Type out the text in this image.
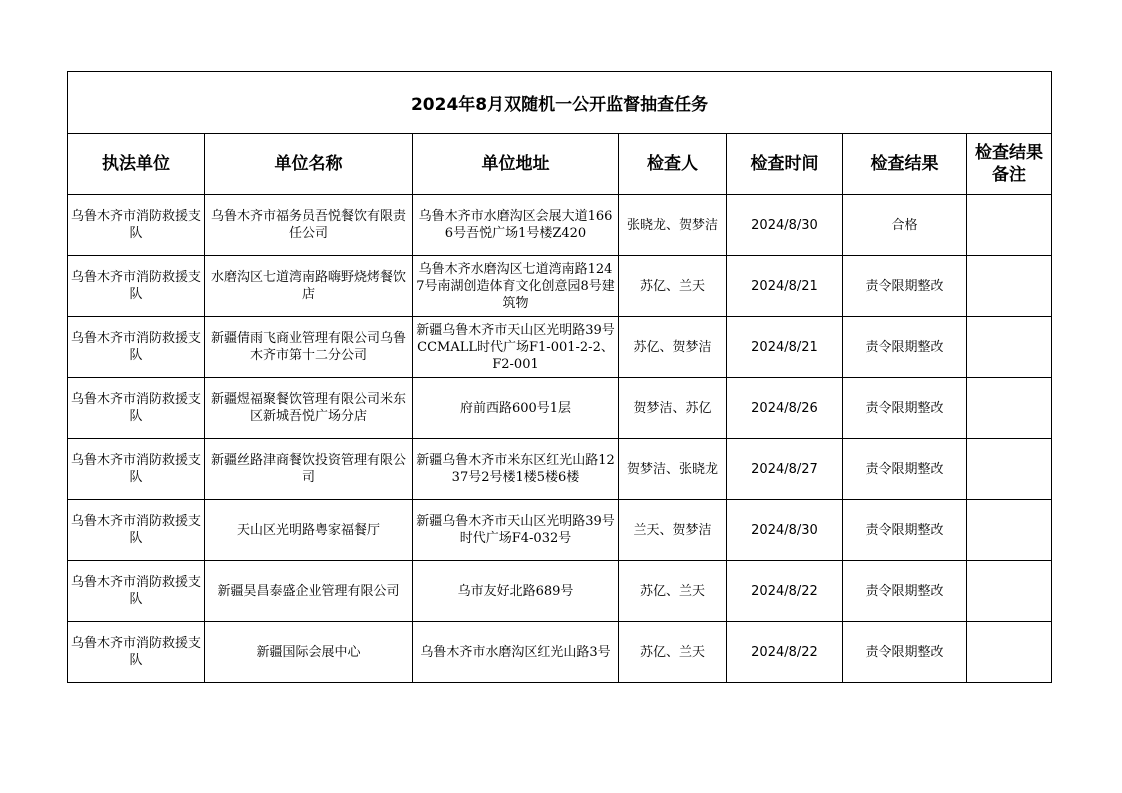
2024年8月双随机一公开监督抽查任务						
执法单位	单位名称	单位地址	检查人	检查时间	检查结果	检查结果备注
乌鲁木齐市消防救援支队	乌鲁木齐市福务员吾悦餐饮有限责任公司	乌鲁木齐市水磨沟区会展大道1666号吾悦广场1号楼Z420	张晓龙、贺梦洁	2024/8/30	合格	
乌鲁木齐市消防救援支队	水磨沟区七道湾南路嗨野烧烤餐饮店	乌鲁木齐水磨沟区七道湾南路1247号南湖创造体育文化创意园8号建筑物	苏亿、兰天	2024/8/21	责令限期整改	
乌鲁木齐市消防救援支队	新疆倩雨飞商业管理有限公司乌鲁木齐市第十二分公司	新疆乌鲁木齐市天山区光明路39号CCMALL时代广场F1-001-2-2、F2-001	苏亿、贺梦洁	2024/8/21	责令限期整改	
乌鲁木齐市消防救援支队	新疆煜福聚餐饮管理有限公司米东区新城吾悦广场分店	府前西路600号1层	贺梦洁、苏亿	2024/8/26	责令限期整改	
乌鲁木齐市消防救援支队	新疆丝路津商餐饮投资管理有限公司	新疆乌鲁木齐市米东区红光山路1237号2号楼1楼5楼6楼	贺梦洁、张晓龙	2024/8/27	责令限期整改	
乌鲁木齐市消防救援支队	天山区光明路粤家福餐厅	新疆乌鲁木齐市天山区光明路39号时代广场F4-032号	兰天、贺梦洁	2024/8/30	责令限期整改	
乌鲁木齐市消防救援支队	新疆昊昌泰盛企业管理有限公司	乌市友好北路689号	苏亿、兰天	2024/8/22	责令限期整改	
乌鲁木齐市消防救援支队	新疆国际会展中心	乌鲁木齐市水磨沟区红光山路3号	苏亿、兰天	2024/8/22	责令限期整改	
